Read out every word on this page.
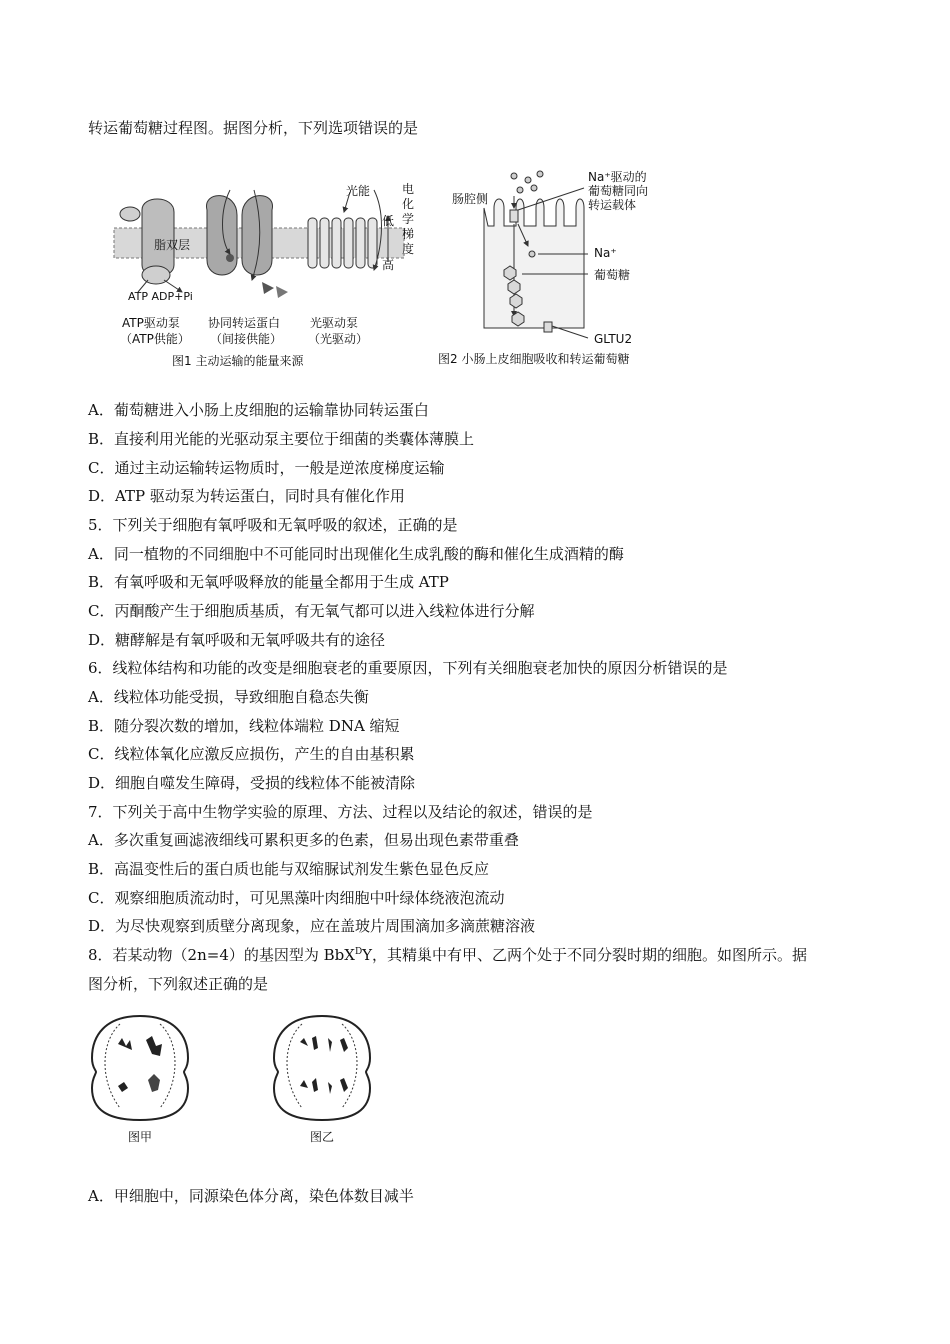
转运葡萄糖过程图。据图分析，下列选项错误的是
脂双层
光能
低
高
电化学梯度
ATP ADP+Pi
ATP驱动泵
（ATP供能）
协同转运蛋白
（间接供能）
光驱动泵
（光驱动）
图1 主动运输的能量来源
肠腔侧
Na⁺驱动的
葡萄糖同向
转运载体
Na⁺
葡萄糖
GLTU2
图2 小肠上皮细胞吸收和转运葡萄糖
A．葡萄糖进入小肠上皮细胞的运输靠协同转运蛋白
B．直接利用光能的光驱动泵主要位于细菌的类囊体薄膜上
C．通过主动运输转运物质时，一般是逆浓度梯度运输
D．ATP 驱动泵为转运蛋白，同时具有催化作用
5．下列关于细胞有氧呼吸和无氧呼吸的叙述，正确的是
A．同一植物的不同细胞中不可能同时出现催化生成乳酸的酶和催化生成酒精的酶
B．有氧呼吸和无氧呼吸释放的能量全都用于生成 ATP
C．丙酮酸产生于细胞质基质，有无氧气都可以进入线粒体进行分解
D．糖酵解是有氧呼吸和无氧呼吸共有的途径
6．线粒体结构和功能的改变是细胞衰老的重要原因，下列有关细胞衰老加快的原因分析错误的是
A．线粒体功能受损，导致细胞自稳态失衡
B．随分裂次数的增加，线粒体端粒 DNA 缩短
C．线粒体氧化应激反应损伤，产生的自由基积累
D．细胞自噬发生障碍，受损的线粒体不能被清除
7．下列关于高中生物学实验的原理、方法、过程以及结论的叙述，错误的是
A．多次重复画滤液细线可累积更多的色素，但易出现色素带重叠
B．高温变性后的蛋白质也能与双缩脲试剂发生紫色显色反应
C．观察细胞质流动时，可见黑藻叶肉细胞中叶绿体绕液泡流动
D．为尽快观察到质壁分离现象，应在盖玻片周围滴加多滴蔗糖溶液
8．若某动物（2n=4）的基因型为 BbX$^D$Y，其精巢中有甲、乙两个处于不同分裂时期的细胞。如图所示。据
图分析，下列叙述正确的是
图甲	图乙
A．甲细胞中，同源染色体分离，染色体数目减半
